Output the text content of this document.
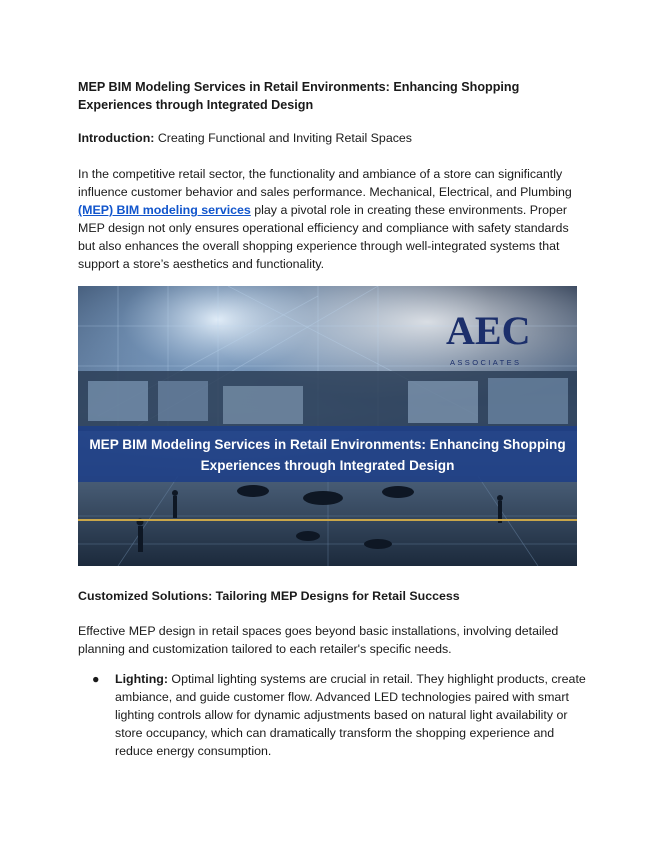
MEP BIM Modeling Services in Retail Environments: Enhancing Shopping Experiences through Integrated Design

Introduction: Creating Functional and Inviting Retail Spaces

In the competitive retail sector, the functionality and ambiance of a store can significantly influence customer behavior and sales performance. Mechanical, Electrical, and Plumbing (MEP) BIM modeling services play a pivotal role in creating these environments. Proper MEP design not only ensures operational efficiency and compliance with safety standards but also enhances the overall shopping experience through well-integrated systems that support a store’s aesthetics and functionality.

AEC
ASSOCIATES
MEP BIM Modeling Services in Retail Environments: Enhancing Shopping
Experiences through Integrated Design
Customized Solutions: Tailoring MEP Designs for Retail Success

Effective MEP design in retail spaces goes beyond basic installations, involving detailed planning and customization tailored to each retailer's specific needs.

● Lighting: Optimal lighting systems are crucial in retail. They highlight products, create ambiance, and guide customer flow. Advanced LED technologies paired with smart lighting controls allow for dynamic adjustments based on natural light availability or store occupancy, which can dramatically transform the shopping experience and reduce energy consumption.
